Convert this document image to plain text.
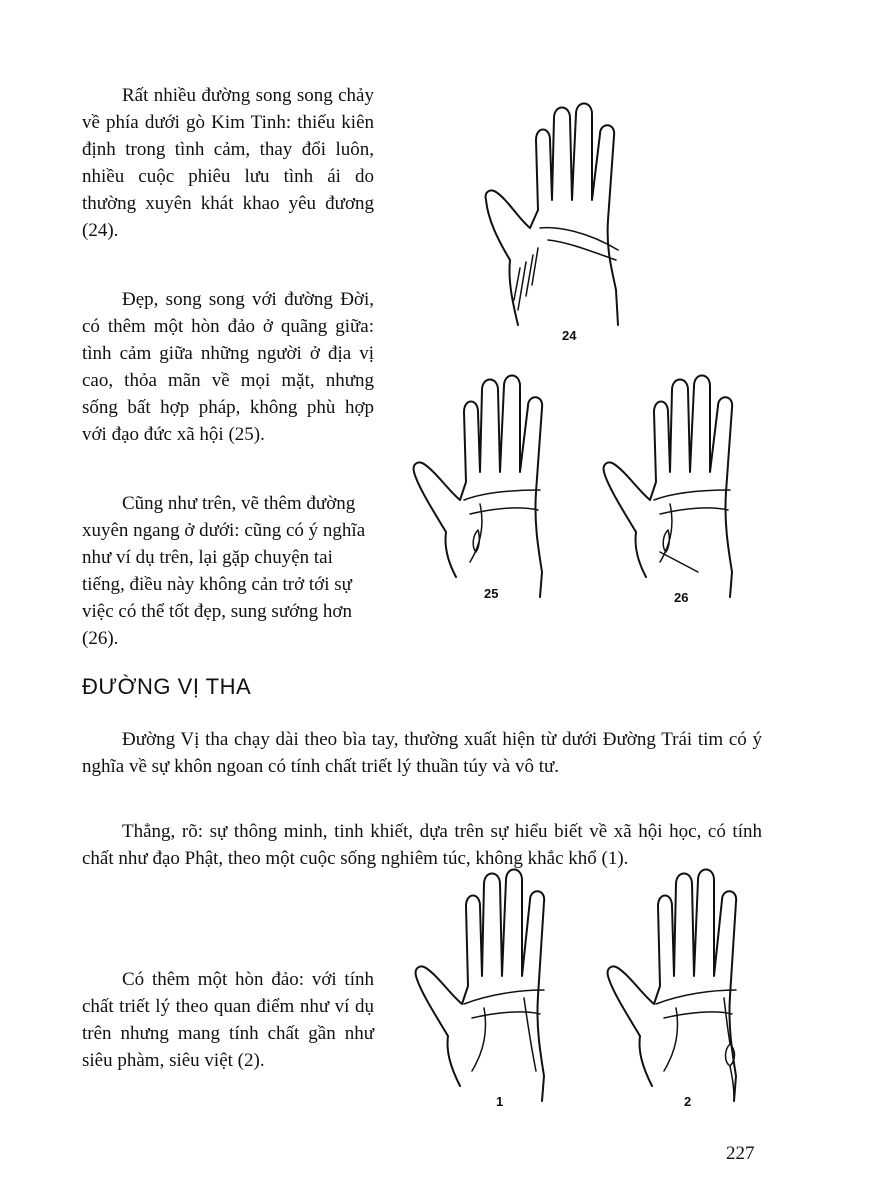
Rất nhiều đường song song chảy về phía dưới gò Kim Tinh: thiếu kiên định trong tình cảm, thay đổi luôn, nhiều cuộc phiêu lưu tình ái do thường xuyên khát khao yêu đương (24).

Đẹp, song song với đường Đời, có thêm một hòn đảo ở quãng giữa: tình cảm giữa những người ở địa vị cao, thỏa mãn về mọi mặt, nhưng sống bất hợp pháp, không phù hợp với đạo đức xã hội (25).

Cũng như trên, vẽ thêm đường xuyên ngang ở dưới: cũng có ý nghĩa như ví dụ trên, lại gặp chuyện tai tiếng, điều này không cản trở tới sự việc có thể tốt đẹp, sung sướng hơn (26).

ĐƯỜNG VỊ THA

Đường Vị tha chạy dài theo bìa tay, thường xuất hiện từ dưới Đường Trái tim có ý nghĩa về sự khôn ngoan có tính chất triết lý thuần túy và vô tư.

Thẳng, rõ: sự thông minh, tinh khiết, dựa trên sự hiểu biết về xã hội học, có tính chất như đạo Phật, theo một cuộc sống nghiêm túc, không khắc khổ (1).

Có thêm một hòn đảo: với tính chất triết lý theo quan điểm như ví dụ trên nhưng mang tính chất gần như siêu phàm, siêu việt (2).

24
25	26
1	2
227
